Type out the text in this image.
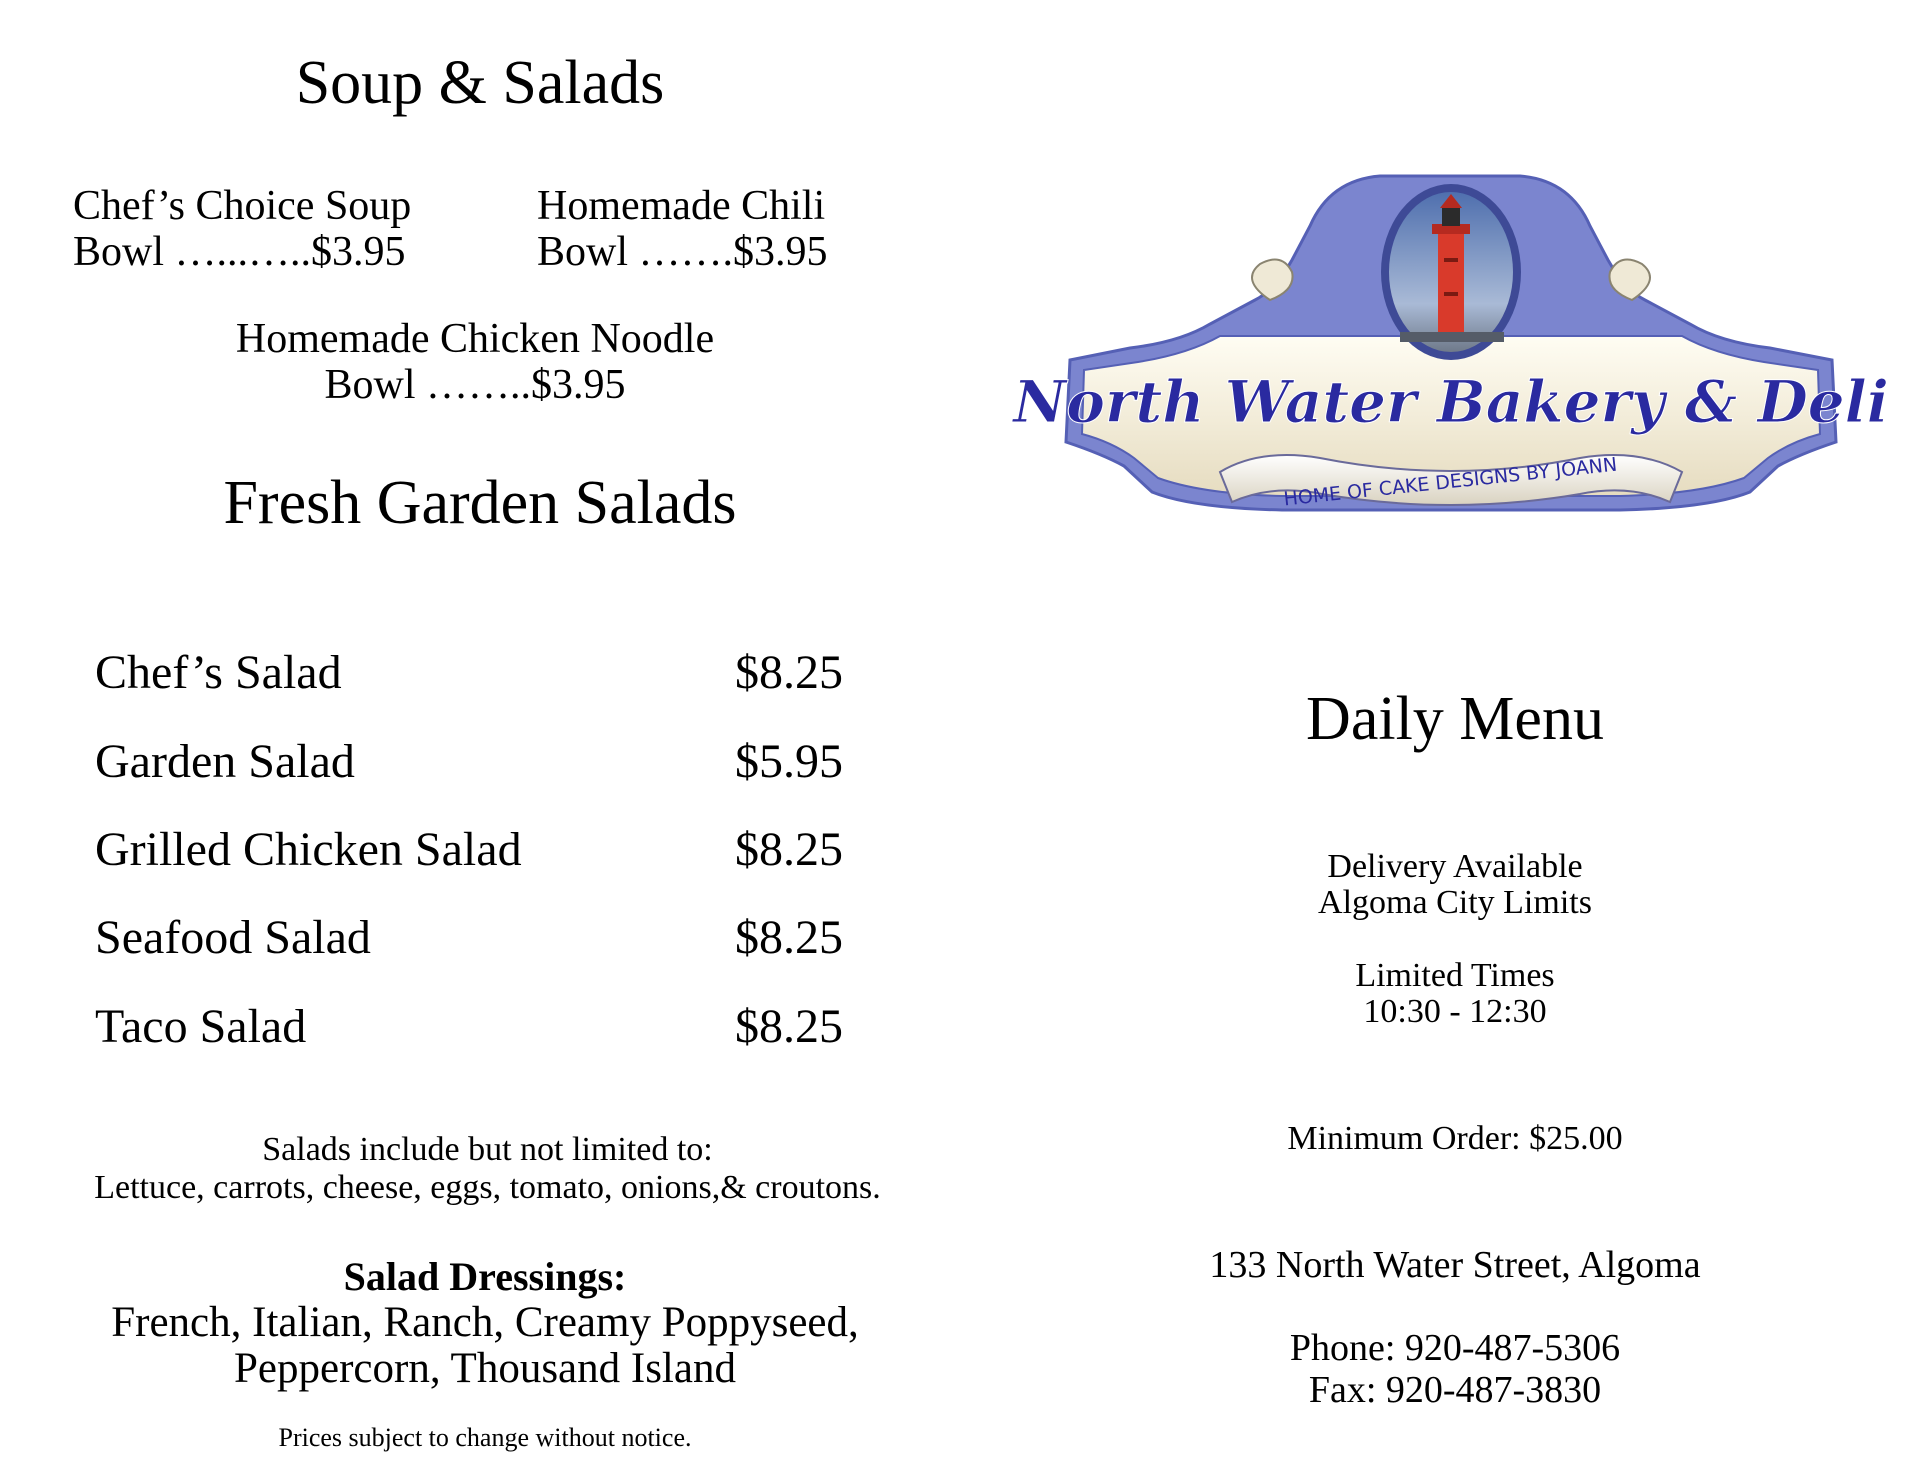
Soup & Salads
Chef’s Choice Soup
Bowl …...…..$3.95
Homemade Chili
Bowl …….$3.95
Homemade Chicken Noodle
Bowl ……..$3.95
Fresh Garden Salads
Chef’s Salad	$8.25
Garden Salad	$5.95
Grilled Chicken Salad	$8.25
Seafood Salad	$8.25
Taco Salad	$8.25
Salads include but not limited to:
Lettuce, carrots, cheese, eggs, tomato, onions,& croutons.
Salad Dressings:
French, Italian, Ranch, Creamy Poppyseed,
Peppercorn, Thousand Island
Prices subject to change without notice.
North Water Bakery & Deli
HOME OF CAKE DESIGNS BY JOANN
Daily Menu
Delivery Available
Algoma City Limits
Limited Times
10:30 - 12:30
Minimum Order: $25.00
133 North Water Street, Algoma
Phone: 920-487-5306
Fax: 920-487-3830
